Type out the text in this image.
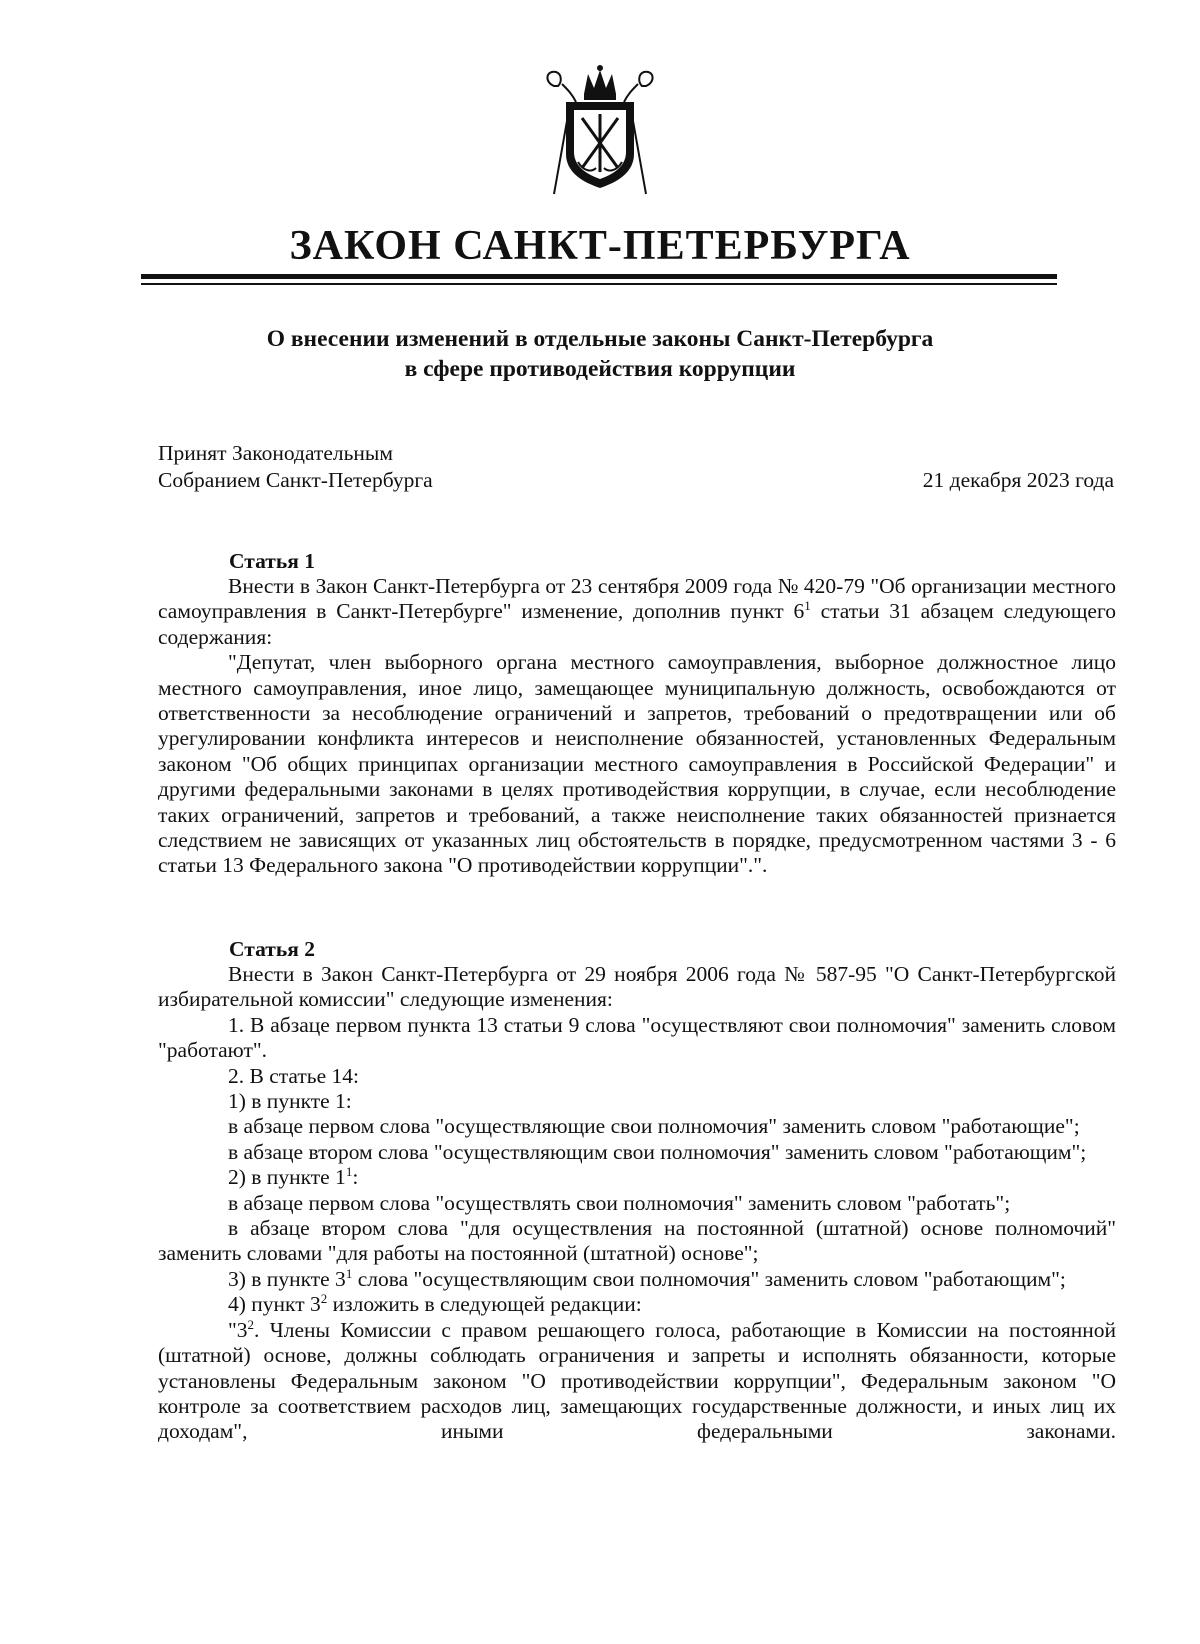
ЗАКОН САНКТ-ПЕТЕРБУРГА
О внесении изменений в отдельные законы Санкт-Петербурга
в сфере противодействия коррупции
Принят Законодательным
Собранием Санкт-Петербурга	21 декабря 2023 года
Статья 1

Внести в Закон Санкт-Петербурга от 23 сентября 2009 года № 420-79 "Об организации местного самоуправления в Санкт-Петербурге" изменение, дополнив пункт $6^1$ статьи 31 абзацем следующего содержания:

"Депутат, член выборного органа местного самоуправления, выборное должностное лицо местного самоуправления, иное лицо, замещающее муниципальную должность, освобождаются от ответственности за несоблюдение ограничений и запретов, требований о предотвращении или об урегулировании конфликта интересов и неисполнение обязанностей, установленных Федеральным законом "Об общих принципах организации местного самоуправления в Российской Федерации" и другими федеральными законами в целях противодействия коррупции, в случае, если несоблюдение таких ограничений, запретов и требований, а также неисполнение таких обязанностей признается следствием не зависящих от указанных лиц обстоятельств в порядке, предусмотренном частями 3 - 6 статьи 13 Федерального закона "О противодействии коррупции".".

Статья 2

Внести в Закон Санкт-Петербурга от 29 ноября 2006 года № 587-95 "О Санкт-Петербургской избирательной комиссии" следующие изменения:

1. В абзаце первом пункта 13 статьи 9 слова "осуществляют свои полномочия" заменить словом "работают".

2. В статье 14:

1) в пункте 1:

в абзаце первом слова "осуществляющие свои полномочия" заменить словом "работающие";

в абзаце втором слова "осуществляющим свои полномочия" заменить словом "работающим";

2) в пункте $1^1$:

в абзаце первом слова "осуществлять свои полномочия" заменить словом "работать";

в абзаце втором слова "для осуществления на постоянной (штатной) основе полномочий" заменить словами "для работы на постоянной (штатной) основе";

3) в пункте $3^1$ слова "осуществляющим свои полномочия" заменить словом "работающим";

4) пункт $3^2$ изложить в следующей редакции:

"$3^2$. Члены Комиссии с правом решающего голоса, работающие в Комиссии на постоянной (штатной) основе, должны соблюдать ограничения и запреты и исполнять обязанности, которые установлены Федеральным законом "О противодействии коррупции", Федеральным законом "О контроле за соответствием расходов лиц, замещающих государственные должности, и иных лиц их доходам", иными федеральными законами.
